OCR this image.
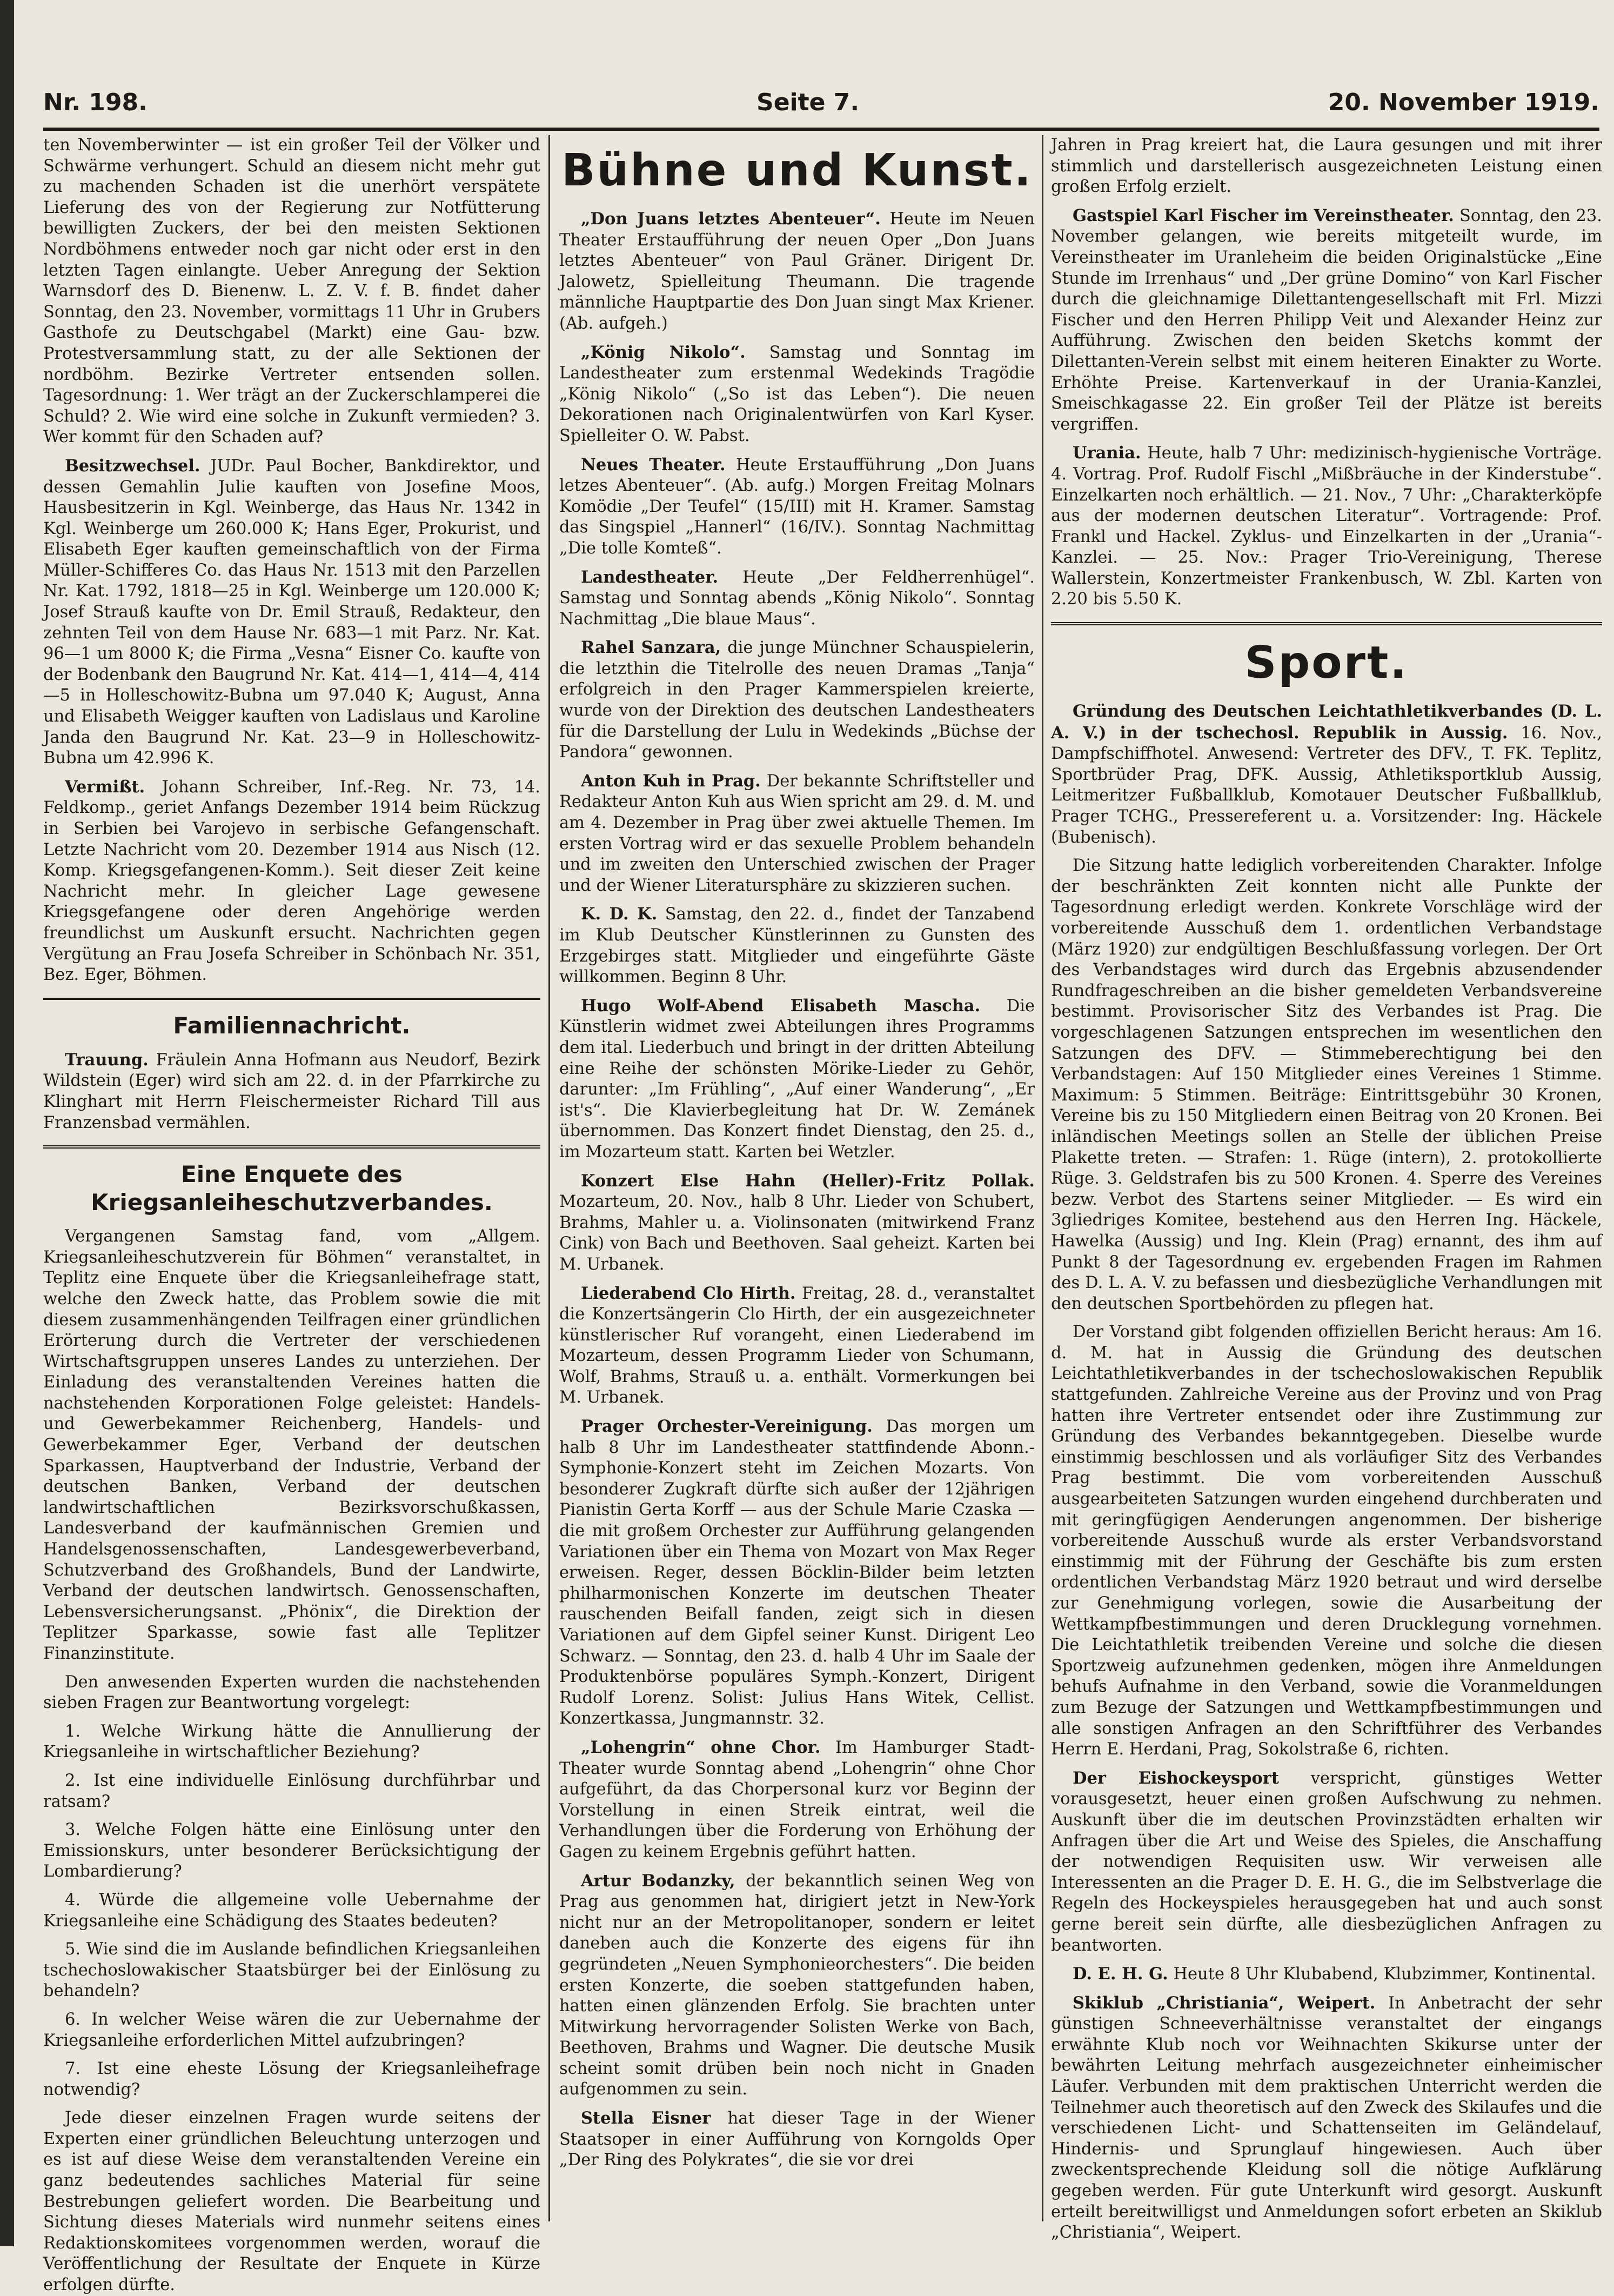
Nr. 198.	Seite 7.	20. November 1919.

ten Novemberwinter — ist ein großer Teil der Völker und Schwärme verhungert. Schuld an diesem nicht mehr gut zu machenden Schaden ist die unerhört verspätete Lieferung des von der Regierung zur Notfütterung bewilligten Zuckers, der bei den meisten Sektionen Nordböhmens entweder noch gar nicht oder erst in den letzten Tagen einlangte. Ueber Anregung der Sektion Warnsdorf des D. Bienenw. L. Z. V. f. B. findet daher Sonntag, den 23. November, vormittags 11 Uhr in Grubers Gasthofe zu Deutschgabel (Markt) eine Gau- bzw. Protestversammlung statt, zu der alle Sektionen der nordböhm. Bezirke Vertreter entsenden sollen. Tagesordnung: 1. Wer trägt an der Zuckerschlamperei die Schuld? 2. Wie wird eine solche in Zukunft vermieden? 3. Wer kommt für den Schaden auf?

Besitzwechsel. JUDr. Paul Bocher, Bankdirektor, und dessen Gemahlin Julie kauften von Josefine Moos, Hausbesitzerin in Kgl. Weinberge, das Haus Nr. 1342 in Kgl. Weinberge um 260.000 K; Hans Eger, Prokurist, und Elisabeth Eger kauften gemeinschaftlich von der Firma Müller-Schifferes Co. das Haus Nr. 1513 mit den Parzellen Nr. Kat. 1792, 1818—25 in Kgl. Weinberge um 120.000 K; Josef Strauß kaufte von Dr. Emil Strauß, Redakteur, den zehnten Teil von dem Hause Nr. 683—1 mit Parz. Nr. Kat. 96—1 um 8000 K; die Firma „Vesna“ Eisner Co. kaufte von der Bodenbank den Baugrund Nr. Kat. 414—1, 414—4, 414—5 in Holleschowitz-Bubna um 97.040 K; August, Anna und Elisabeth Weigger kauften von Ladislaus und Karoline Janda den Baugrund Nr. Kat. 23—9 in Holleschowitz-Bubna um 42.996 K.

Vermißt. Johann Schreiber, Inf.-Reg. Nr. 73, 14. Feldkomp., geriet Anfangs Dezember 1914 beim Rückzug in Serbien bei Varojevo in serbische Gefangenschaft. Letzte Nachricht vom 20. Dezember 1914 aus Nisch (12. Komp. Kriegsgefangenen-Komm.). Seit dieser Zeit keine Nachricht mehr. In gleicher Lage gewesene Kriegsgefangene oder deren Angehörige werden freundlichst um Auskunft ersucht. Nachrichten gegen Vergütung an Frau Josefa Schreiber in Schönbach Nr. 351, Bez. Eger, Böhmen.

Familiennachricht.

Trauung. Fräulein Anna Hofmann aus Neudorf, Bezirk Wildstein (Eger) wird sich am 22. d. in der Pfarrkirche zu Klinghart mit Herrn Fleischermeister Richard Till aus Franzensbad vermählen.

Eine Enquete des Kriegsanleiheschutzverbandes.

Vergangenen Samstag fand, vom „Allgem. Kriegsanleiheschutzverein für Böhmen“ veranstaltet, in Teplitz eine Enquete über die Kriegsanleihefrage statt, welche den Zweck hatte, das Problem sowie die mit diesem zusammenhängenden Teilfragen einer gründlichen Erörterung durch die Vertreter der verschiedenen Wirtschaftsgruppen unseres Landes zu unterziehen. Der Einladung des veranstaltenden Vereines hatten die nachstehenden Korporationen Folge geleistet: Handels- und Gewerbekammer Reichenberg, Handels- und Gewerbekammer Eger, Verband der deutschen Sparkassen, Hauptverband der Industrie, Verband der deutschen Banken, Verband der deutschen landwirtschaftlichen Bezirksvorschußkassen, Landesverband der kaufmännischen Gremien und Handelsgenossenschaften, Landesgewerbeverband, Schutzverband des Großhandels, Bund der Landwirte, Verband der deutschen landwirtsch. Genossenschaften, Lebensversicherungsanst. „Phönix“, die Direktion der Teplitzer Sparkasse, sowie fast alle Teplitzer Finanzinstitute.

Den anwesenden Experten wurden die nachstehenden sieben Fragen zur Beantwortung vorgelegt:

1. Welche Wirkung hätte die Annullierung der Kriegsanleihe in wirtschaftlicher Beziehung?

2. Ist eine individuelle Einlösung durchführbar und ratsam?

3. Welche Folgen hätte eine Einlösung unter den Emissionskurs, unter besonderer Berücksichtigung der Lombardierung?

4. Würde die allgemeine volle Uebernahme der Kriegsanleihe eine Schädigung des Staates bedeuten?

5. Wie sind die im Auslande befindlichen Kriegsanleihen tschechoslowakischer Staatsbürger bei der Einlösung zu behandeln?

6. In welcher Weise wären die zur Uebernahme der Kriegsanleihe erforderlichen Mittel aufzubringen?

7. Ist eine ehestе Lösung der Kriegsanleihefrage notwendig?

Jede dieser einzelnen Fragen wurde seitens der Experten einer gründlichen Beleuchtung unterzogen und es ist auf diese Weise dem veranstaltenden Vereine ein ganz bedeutendes sachliches Material für seine Bestrebungen geliefert worden. Die Bearbeitung und Sichtung dieses Materials wird nunmehr seitens eines Redaktionskomitees vorgenommen werden, worauf die Veröffentlichung der Resultate der Enquete in Kürze erfolgen dürfte.

Bühne und Kunst.

„Don Juans letztes Abenteuer“. Heute im Neuen Theater Erstaufführung der neuen Oper „Don Juans letztes Abenteuer“ von Paul Gräner. Dirigent Dr. Jalowetz, Spielleitung Theumann. Die tragende männliche Hauptpartie des Don Juan singt Max Kriener. (Ab. aufgeh.)

„König Nikolo“. Samstag und Sonntag im Landestheater zum erstenmal Wedekinds Tragödie „König Nikolo“ („So ist das Leben“). Die neuen Dekorationen nach Originalentwürfen von Karl Kyser. Spielleiter O. W. Pabst.

Neues Theater. Heute Erstaufführung „Don Juans letzes Abenteuer“. (Ab. aufg.) Morgen Freitag Molnars Komödie „Der Teufel“ (15/III) mit H. Kramer. Samstag das Singspiel „Hannerl“ (16/IV.). Sonntag Nachmittag „Die tolle Komteß“.

Landestheater. Heute „Der Feldherrenhügel“. Samstag und Sonntag abends „König Nikolo“. Sonntag Nachmittag „Die blaue Maus“.

Rahel Sanzara, die junge Münchner Schauspielerin, die letzthin die Titelrolle des neuen Dramas „Tanja“ erfolgreich in den Prager Kammerspielen kreierte, wurde von der Direktion des deutschen Landestheaters für die Darstellung der Lulu in Wedekinds „Büchse der Pandora“ gewonnen.

Anton Kuh in Prag. Der bekannte Schriftsteller und Redakteur Anton Kuh aus Wien spricht am 29. d. M. und am 4. Dezember in Prag über zwei aktuelle Themen. Im ersten Vortrag wird er das sexuelle Problem behandeln und im zweiten den Unterschied zwischen der Prager und der Wiener Literatursphäre zu skizzieren suchen.

K. D. K. Samstag, den 22. d., findet der Tanzabend im Klub Deutscher Künstlerinnen zu Gunsten des Erzgebirges statt. Mitglieder und eingeführte Gäste willkommen. Beginn 8 Uhr.

Hugo Wolf-Abend Elisabeth Mascha. Die Künstlerin widmet zwei Abteilungen ihres Programms dem ital. Liederbuch und bringt in der dritten Abteilung eine Reihe der schönsten Mörike-Lieder zu Gehör, darunter: „Im Frühling“, „Auf einer Wanderung“, „Er ist's“. Die Klavierbegleitung hat Dr. W. Zemánek übernommen. Das Konzert findet Dienstag, den 25. d., im Mozarteum statt. Karten bei Wetzler.

Konzert Else Hahn (Heller)-Fritz Pollak. Mozarteum, 20. Nov., halb 8 Uhr. Lieder von Schubert, Brahms, Mahler u. a. Violinsonaten (mitwirkend Franz Cink) von Bach und Beethoven. Saal geheizt. Karten bei M. Urbanek.

Liederabend Clo Hirth. Freitag, 28. d., veranstaltet die Konzertsängerin Clo Hirth, der ein ausgezeichneter künstlerischer Ruf vorangeht, einen Liederabend im Mozarteum, dessen Programm Lieder von Schumann, Wolf, Brahms, Strauß u. a. enthält. Vormerkungen bei M. Urbanek.

Prager Orchester-Vereinigung. Das morgen um halb 8 Uhr im Landestheater stattfindende Abonn.-Symphonie-Konzert steht im Zeichen Mozarts. Von besonderer Zugkraft dürfte sich außer der 12jährigen Pianistin Gerta Korff — aus der Schule Marie Czaska — die mit großem Orchester zur Aufführung gelangenden Variationen über ein Thema von Mozart von Max Reger erweisen. Reger, dessen Böcklin-Bilder beim letzten philharmonischen Konzerte im deutschen Theater rauschenden Beifall fanden, zeigt sich in diesen Variationen auf dem Gipfel seiner Kunst. Dirigent Leo Schwarz. — Sonntag, den 23. d. halb 4 Uhr im Saale der Produktenbörse populäres Symph.-Konzert, Dirigent Rudolf Lorenz. Solist: Julius Hans Witek, Cellist. Konzertkassa, Jungmannstr. 32.

„Lohengrin“ ohne Chor. Im Hamburger Stadt-Theater wurde Sonntag abend „Lohengrin“ ohne Chor aufgeführt, da das Chorpersonal kurz vor Beginn der Vorstellung in einen Streik eintrat, weil die Verhandlungen über die Forderung von Erhöhung der Gagen zu keinem Ergebnis geführt hatten.

Artur Bodanzky, der bekanntlich seinen Weg von Prag aus genommen hat, dirigiert jetzt in New-York nicht nur an der Metropolitanoper, sondern er leitet daneben auch die Konzerte des eigens für ihn gegründeten „Neuen Symphonieorchesters“. Die beiden ersten Konzerte, die soeben stattgefunden haben, hatten einen glänzenden Erfolg. Sie brachten unter Mitwirkung hervorragender Solisten Werke von Bach, Beethoven, Brahms und Wagner. Die deutsche Musik scheint somit drüben bein noch nicht in Gnaden aufgenommen zu sein.

Stella Eisner hat dieser Tage in der Wiener Staatsoper in einer Aufführung von Korngolds Oper „Der Ring des Polykrates“, die sie vor drei

Jahren in Prag kreiert hat, die Laura gesungen und mit ihrer stimmlich und darstellerisch ausgezeichneten Leistung einen großen Erfolg erzielt.

Gastspiel Karl Fischer im Vereinstheater. Sonntag, den 23. November gelangen, wie bereits mitgeteilt wurde, im Vereinstheater im Uranleheim die beiden Originalstücke „Eine Stunde im Irrenhaus“ und „Der grüne Domino“ von Karl Fischer durch die gleichnamige Dilettantengesellschaft mit Frl. Mizzi Fischer und den Herren Philipp Veit und Alexander Heinz zur Aufführung. Zwischen den beiden Sketchs kommt der Dilettanten-Verein selbst mit einem heiteren Einakter zu Worte. Erhöhte Preise. Kartenverkauf in der Urania-Kanzlei, Smeischkagasse 22. Ein großer Teil der Plätze ist bereits vergriffen.

Urania. Heute, halb 7 Uhr: medizinisch-hygienische Vorträge. 4. Vortrag. Prof. Rudolf Fischl „Mißbräuche in der Kinderstube“. Einzelkarten noch erhältlich. — 21. Nov., 7 Uhr: „Charakterköpfe aus der modernen deutschen Literatur“. Vortragende: Prof. Frankl und Hackel. Zyklus- und Einzelkarten in der „Urania“-Kanzlei. — 25. Nov.: Prager Trio-Vereinigung, Therese Wallerstein, Konzertmeister Frankenbusch, W. Zbl. Karten von 2.20 bis 5.50 K.

Sport.

Gründung des Deutschen Leichtathletikverbandes (D. L. A. V.) in der tschechosl. Republik in Aussig. 16. Nov., Dampfschiffhotel. Anwesend: Vertreter des DFV., T. FK. Teplitz, Sportbrüder Prag, DFK. Aussig, Athletiksportklub Aussig, Leitmeritzer Fußballklub, Komotauer Deutscher Fußballklub, Prager TCHG., Pressereferent u. a. Vorsitzender: Ing. Häckele (Bubenisch).

Die Sitzung hatte lediglich vorbereitenden Charakter. Infolge der beschränkten Zeit konnten nicht alle Punkte der Tagesordnung erledigt werden. Konkrete Vorschläge wird der vorbereitende Ausschuß dem 1. ordentlichen Verbandstage (März 1920) zur endgültigen Beschlußfassung vorlegen. Der Ort des Verbandstages wird durch das Ergebnis abzusendender Rundfrageschreiben an die bisher gemeldeten Verbandsvereine bestimmt. Provisorischer Sitz des Verbandes ist Prag. Die vorgeschlagenen Satzungen entsprechen im wesentlichen den Satzungen des DFV. — Stimmeberechtigung bei den Verbandstagen: Auf 150 Mitglieder eines Vereines 1 Stimme. Maximum: 5 Stimmen. Beiträge: Eintrittsgebühr 30 Kronen, Vereine bis zu 150 Mitgliedern einen Beitrag von 20 Kronen. Bei inländischen Meetings sollen an Stelle der üblichen Preise Plakette treten. — Strafen: 1. Rüge (intern), 2. protokollierte Rüge. 3. Geldstrafen bis zu 500 Kronen. 4. Sperre des Vereines bezw. Verbot des Startens seiner Mitglieder. — Es wird ein 3gliedriges Komitee, bestehend aus den Herren Ing. Häckele, Hawelka (Aussig) und Ing. Klein (Prag) ernannt, des ihm auf Punkt 8 der Tagesordnung ev. ergebenden Fragen im Rahmen des D. L. A. V. zu befassen und diesbezügliche Verhandlungen mit den deutschen Sportbehörden zu pflegen hat.

Der Vorstand gibt folgenden offiziellen Bericht heraus: Am 16. d. M. hat in Aussig die Gründung des deutschen Leichtathletikverbandes in der tschechoslowakischen Republik stattgefunden. Zahlreiche Vereine aus der Provinz und von Prag hatten ihre Vertreter entsendet oder ihre Zustimmung zur Gründung des Verbandes bekanntgegeben. Dieselbe wurde einstimmig beschlossen und als vorläufiger Sitz des Verbandes Prag bestimmt. Die vom vorbereitenden Ausschuß ausgearbeiteten Satzungen wurden eingehend durchberaten und mit geringfügigen Aenderungen angenommen. Der bisherige vorbereitende Ausschuß wurde als erster Verbandsvorstand einstimmig mit der Führung der Geschäfte bis zum ersten ordentlichen Verbandstag März 1920 betraut und wird derselbe zur Genehmigung vorlegen, sowie die Ausarbeitung der Wettkampfbestimmungen und deren Drucklegung vornehmen. Die Leichtathletik treibenden Vereine und solche die diesen Sportzweig aufzunehmen gedenken, mögen ihre Anmeldungen behufs Aufnahme in den Verband, sowie die Voranmeldungen zum Bezuge der Satzungen und Wettkampfbestimmungen und alle sonstigen Anfragen an den Schriftführer des Verbandes Herrn E. Herdani, Prag, Sokolstraße 6, richten.

Der Eishockeysport verspricht, günstiges Wetter vorausgesetzt, heuer einen großen Aufschwung zu nehmen. Auskunft über die im deutschen Provinzstädten erhalten wir Anfragen über die Art und Weise des Spieles, die Anschaffung der notwendigen Requisiten usw. Wir verweisen alle Interessenten an die Prager D. E. H. G., die im Selbstverlage die Regeln des Hockeyspieles herausgegeben hat und auch sonst gerne bereit sein dürfte, alle diesbezüglichen Anfragen zu beantworten.

D. E. H. G. Heute 8 Uhr Klubabend, Klubzimmer, Kontinental.

Skiklub „Christiania“, Weipert. In Anbetracht der sehr günstigen Schneeverhältnisse veranstaltet der eingangs erwähnte Klub noch vor Weihnachten Skikurse unter der bewährten Leitung mehrfach ausgezeichneter einheimischer Läufer. Verbunden mit dem praktischen Unterricht werden die Teilnehmer auch theoretisch auf den Zweck des Skilaufes und die verschiedenen Licht- und Schattenseiten im Geländelauf, Hindernis- und Sprunglauf hingewiesen. Auch über zweckentsprechende Kleidung soll die nötige Aufklärung gegeben werden. Für gute Unterkunft wird gesorgt. Auskunft erteilt bereitwilligst und Anmeldungen sofort erbeten an Skiklub „Christiania“, Weipert.
